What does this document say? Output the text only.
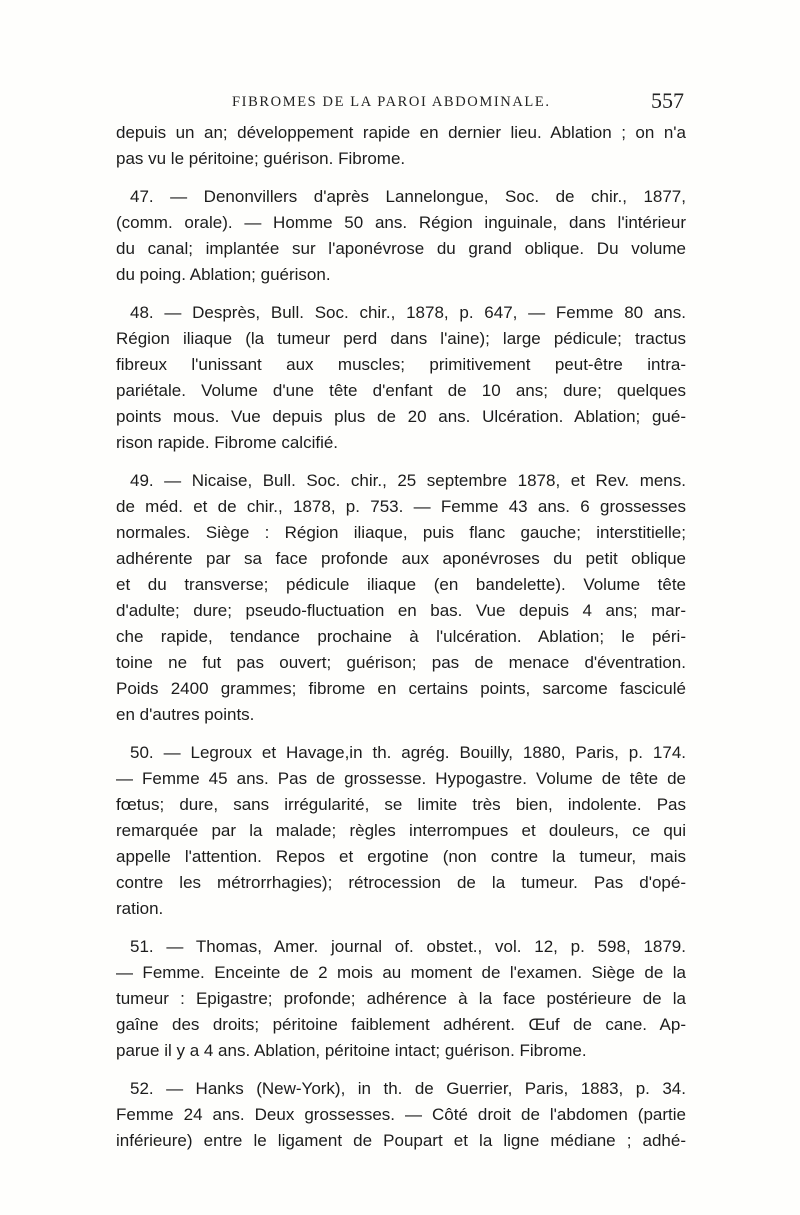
FIBROMES DE LA PAROI ABDOMINALE.	557
depuis un an; développement rapide en dernier lieu. Ablation ; on n'a
pas vu le péritoine; guérison. Fibrome.
47. — Denonvillers d'après Lannelongue, Soc. de chir., 1877,
(comm. orale). — Homme 50 ans. Région inguinale, dans l'intérieur
du canal; implantée sur l'aponévrose du grand oblique. Du volume
du poing. Ablation; guérison.
48. — Desprès, Bull. Soc. chir., 1878, p. 647, — Femme 80 ans.
Région iliaque (la tumeur perd dans l'aine); large pédicule; tractus
fibreux l'unissant aux muscles; primitivement peut-être intra-
pariétale. Volume d'une tête d'enfant de 10 ans; dure; quelques
points mous. Vue depuis plus de 20 ans. Ulcération. Ablation; gué-
rison rapide. Fibrome calcifié.
49. — Nicaise, Bull. Soc. chir., 25 septembre 1878, et Rev. mens.
de méd. et de chir., 1878, p. 753. — Femme 43 ans. 6 grossesses
normales. Siège : Région iliaque, puis flanc gauche; interstitielle;
adhérente par sa face profonde aux aponévroses du petit oblique
et du transverse; pédicule iliaque (en bandelette). Volume tête
d'adulte; dure; pseudo-fluctuation en bas. Vue depuis 4 ans; mar-
che rapide, tendance prochaine à l'ulcération. Ablation; le péri-
toine ne fut pas ouvert; guérison; pas de menace d'éventration.
Poids 2400 grammes; fibrome en certains points, sarcome fasciculé
en d'autres points.
50. — Legroux et Havage,in th. agrég. Bouilly, 1880, Paris, p. 174.
— Femme 45 ans. Pas de grossesse. Hypogastre. Volume de tête de
fœtus; dure, sans irrégularité, se limite très bien, indolente. Pas
remarquée par la malade; règles interrompues et douleurs, ce qui
appelle l'attention. Repos et ergotine (non contre la tumeur, mais
contre les métrorrhagies); rétrocession de la tumeur. Pas d'opé-
ration.
51. — Thomas, Amer. journal of. obstet., vol. 12, p. 598, 1879.
— Femme. Enceinte de 2 mois au moment de l'examen. Siège de la
tumeur : Epigastre; profonde; adhérence à la face postérieure de la
gaîne des droits; péritoine faiblement adhérent. Œuf de cane. Ap-
parue il y a 4 ans. Ablation, péritoine intact; guérison. Fibrome.
52. — Hanks (New-York), in th. de Guerrier, Paris, 1883, p. 34.
Femme 24 ans. Deux grossesses. — Côté droit de l'abdomen (partie
inférieure) entre le ligament de Poupart et la ligne médiane ; adhé-
